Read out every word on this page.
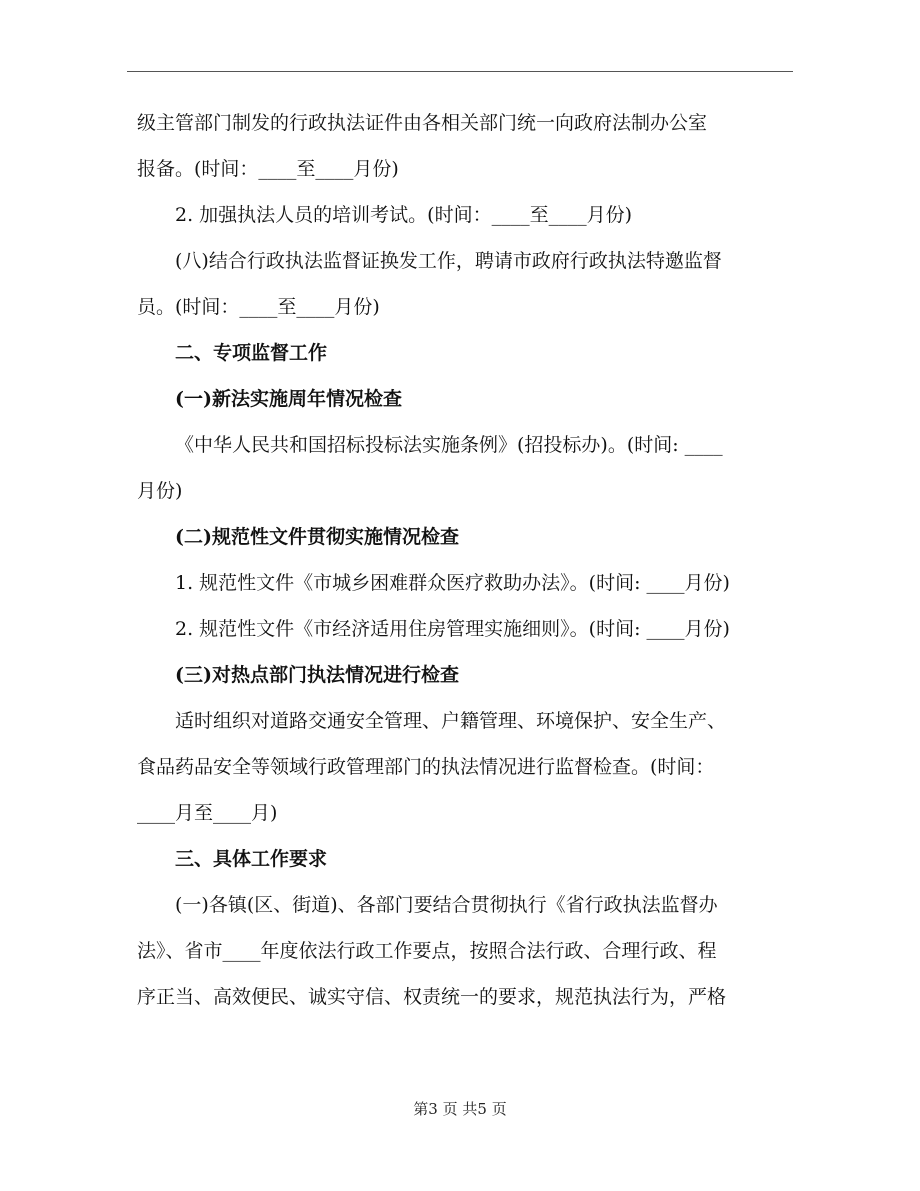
级主管部门制发的行政执法证件由各相关部门统一向政府法制办公室
报备。(时间：____至____月份)
2. 加强执法人员的培训考试。(时间：____至____月份)
(八)结合行政执法监督证换发工作，聘请市政府行政执法特邀监督
员。(时间：____至____月份)
二、专项监督工作
(一)新法实施周年情况检查
《中华人民共和国招标投标法实施条例》(招投标办)。(时间: ____
月份)
(二)规范性文件贯彻实施情况检查
1. 规范性文件《市城乡困难群众医疗救助办法》。(时间: ____月份)
2. 规范性文件《市经济适用住房管理实施细则》。(时间: ____月份)
(三)对热点部门执法情况进行检查
适时组织对道路交通安全管理、户籍管理、环境保护、安全生产、
食品药品安全等领域行政管理部门的执法情况进行监督检查。(时间：
____月至____月)
三、具体工作要求
(一)各镇(区、街道)、各部门要结合贯彻执行《省行政执法监督办
法》、省市____年度依法行政工作要点，按照合法行政、合理行政、程
序正当、高效便民、诚实守信、权责统一的要求，规范执法行为，严格
第3 页 共5 页
